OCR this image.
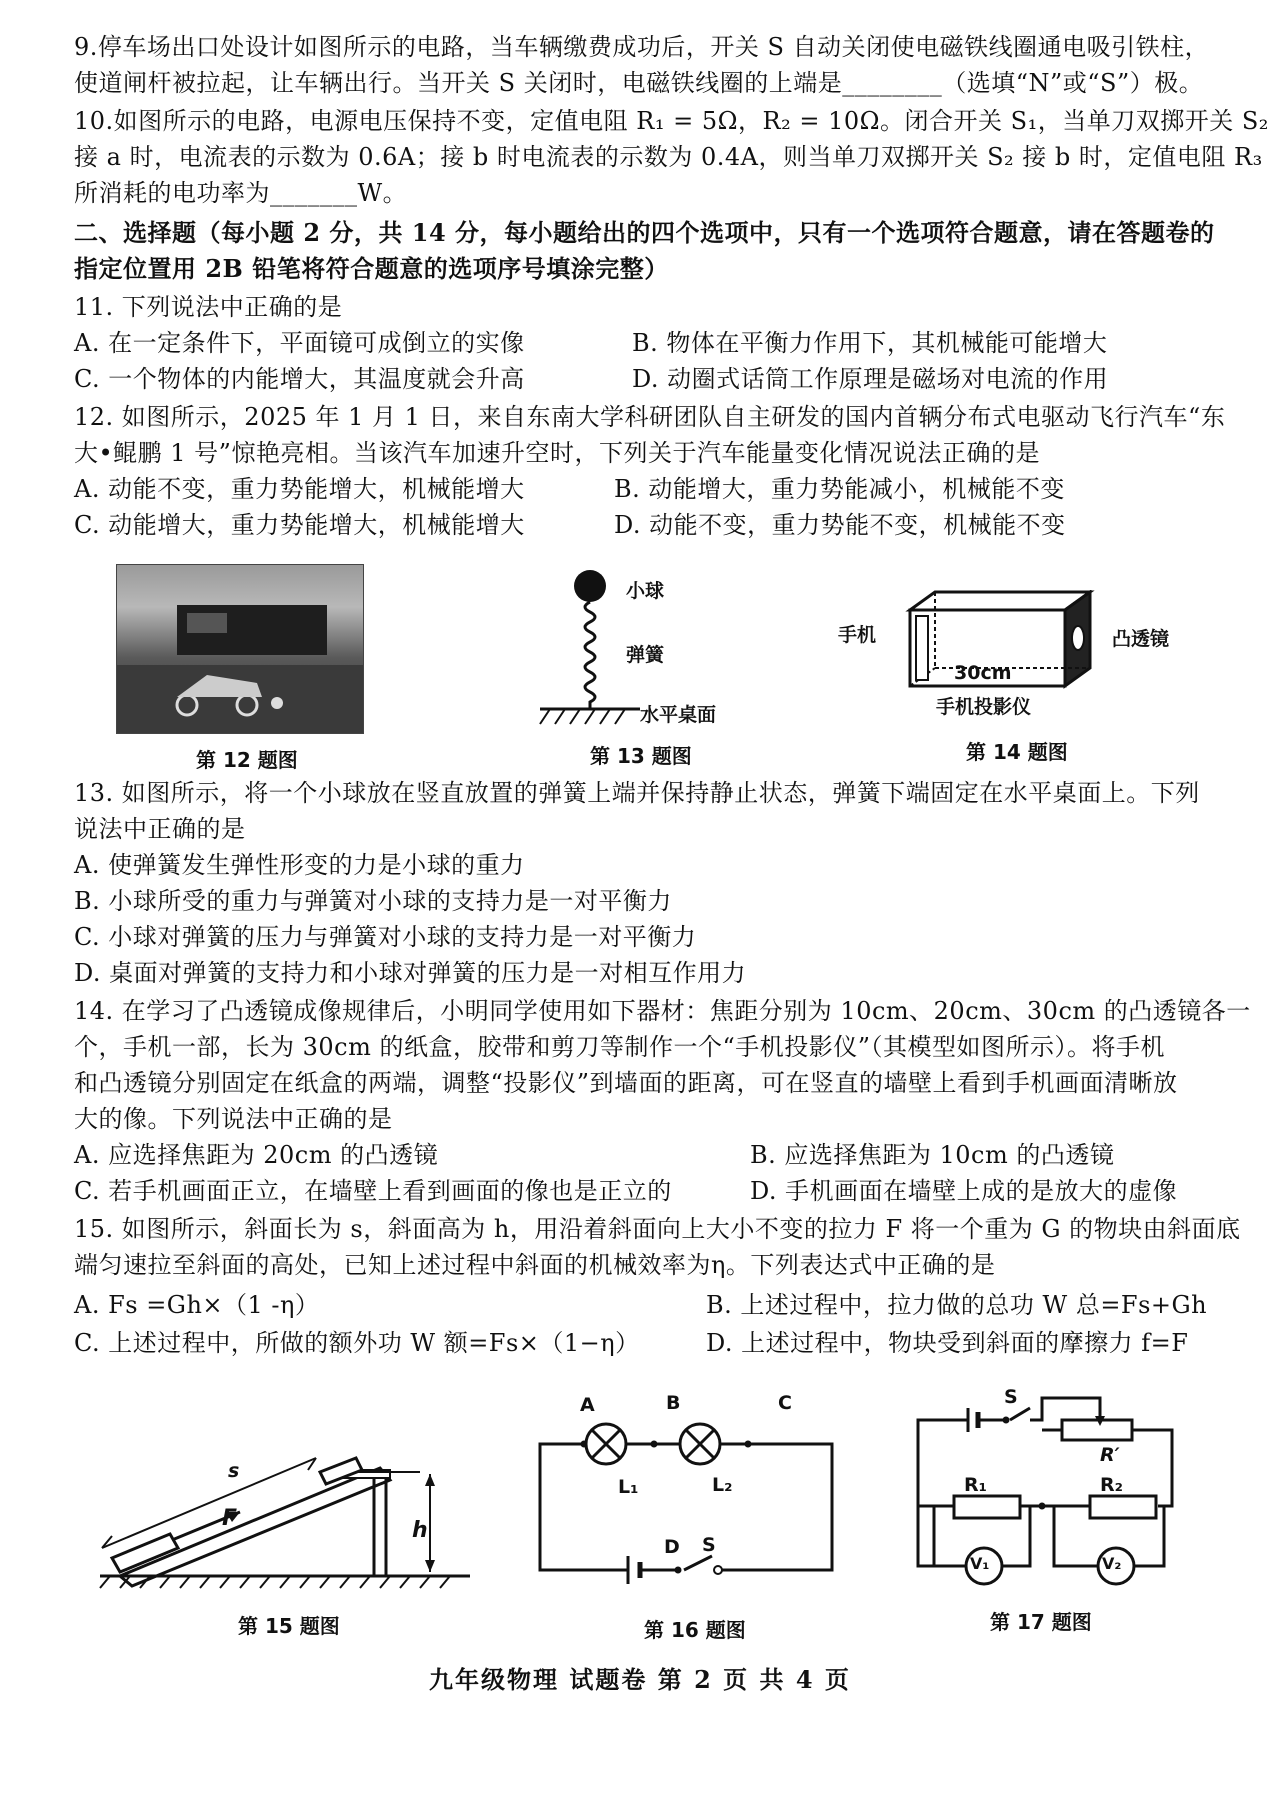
9.停车场出口处设计如图所示的电路，当车辆缴费成功后，开关 S 自动关闭使电磁铁线圈通电吸引铁柱，
使道闸杆被拉起，让车辆出行。当开关 S 关闭时，电磁铁线圈的上端是________（选填“N”或“S”）极。
10.如图所示的电路，电源电压保持不变，定值电阻 R₁ = 5Ω，R₂ = 10Ω。闭合开关 S₁，当单刀双掷开关 S₂
接 a 时，电流表的示数为 0.6A；接 b 时电流表的示数为 0.4A，则当单刀双掷开关 S₂ 接 b 时，定值电阻 R₃
所消耗的电功率为_______W。
二、选择题（每小题 2 分，共 14 分，每小题给出的四个选项中，只有一个选项符合题意，请在答题卷的
指定位置用 2B 铅笔将符合题意的选项序号填涂完整）
11. 下列说法中正确的是
A. 在一定条件下，平面镜可成倒立的实像	B. 物体在平衡力作用下，其机械能可能增大
C. 一个物体的内能增大，其温度就会升高	D. 动圈式话筒工作原理是磁场对电流的作用
12. 如图所示，2025 年 1 月 1 日，来自东南大学科研团队自主研发的国内首辆分布式电驱动飞行汽车“东
大•鲲鹏 1 号”惊艳亮相。当该汽车加速升空时，下列关于汽车能量变化情况说法正确的是
A. 动能不变，重力势能增大，机械能增大	B. 动能增大，重力势能减小，机械能不变
C. 动能增大，重力势能增大，机械能增大	D. 动能不变，重力势能不变，机械能不变
第 12 题图
小球
弹簧
水平桌面
第 13 题图
手机	凸透镜
30cm
手机投影仪
第 14 题图
13. 如图所示，将一个小球放在竖直放置的弹簧上端并保持静止状态，弹簧下端固定在水平桌面上。下列
说法中正确的是
A. 使弹簧发生弹性形变的力是小球的重力
B. 小球所受的重力与弹簧对小球的支持力是一对平衡力
C. 小球对弹簧的压力与弹簧对小球的支持力是一对平衡力
D. 桌面对弹簧的支持力和小球对弹簧的压力是一对相互作用力
14. 在学习了凸透镜成像规律后，小明同学使用如下器材：焦距分别为 10cm、20cm、30cm 的凸透镜各一
个，手机一部，长为 30cm 的纸盒，胶带和剪刀等制作一个“手机投影仪”（其模型如图所示）。将手机
和凸透镜分别固定在纸盒的两端，调整“投影仪”到墙面的距离，可在竖直的墙壁上看到手机画面清晰放
大的像。下列说法中正确的是
A. 应选择焦距为 20cm 的凸透镜	B. 应选择焦距为 10cm 的凸透镜
C. 若手机画面正立，在墙壁上看到画面的像也是正立的	D. 手机画面在墙壁上成的是放大的虚像
15. 如图所示，斜面长为 s，斜面高为 h，用沿着斜面向上大小不变的拉力 F 将一个重为 G 的物块由斜面底
端匀速拉至斜面的高处，已知上述过程中斜面的机械效率为η。下列表达式中正确的是
A. Fs =Gh×（1 -η）	B. 上述过程中，拉力做的总功 W 总=Fs+Gh
C. 上述过程中，所做的额外功 W 额=Fs×（1−η）	D. 上述过程中，物块受到斜面的摩擦力 f=F
s
F	h
第 15 题图
A	B	C
L₁	L₂
D S
第 16 题图
S
R′
R₁	R₂
V₁	V₂
第 17 题图
九年级物理 试题卷 第 2 页 共 4 页
